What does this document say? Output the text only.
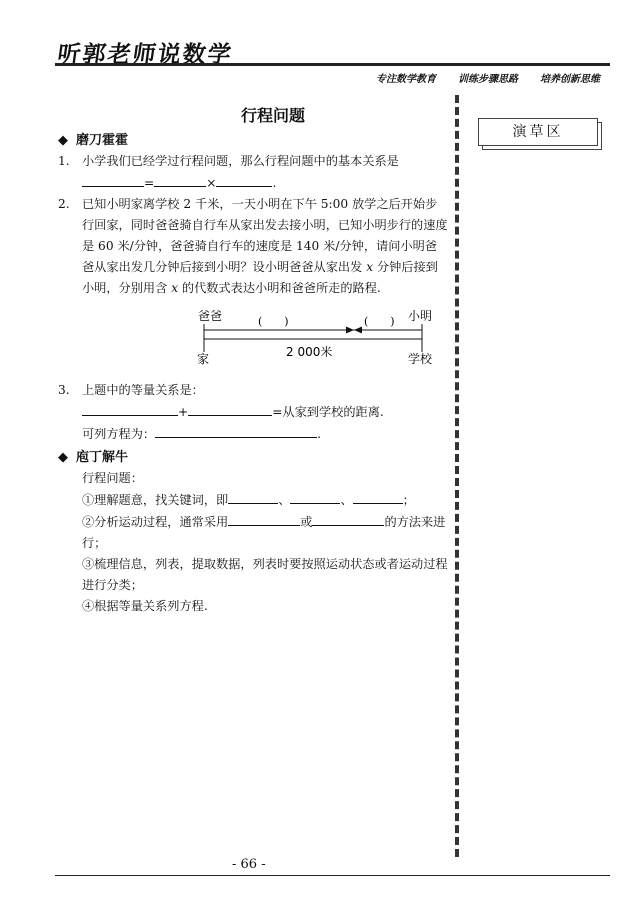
听郭老师说数学
专注数学教育 训练步骤思路 培养创新思维
演草区
行程问题
◆ 磨刀霍霍
1.	小学我们已经学过行程问题，那么行程问题中的基本关系是
=	×	.
2.	已知小明家离学校 2 千米，一天小明在下午 5:00 放学之后开始步行回家，同时爸爸骑自行车从家出发去接小明，已知小明步行的速度是 60 米/分钟，爸爸骑自行车的速度是 140 米/分钟，请问小明爸爸从家出发几分钟后接到小明？设小明爸爸从家出发 x 分钟后接到小明，分别用含 x 的代数式表达小明和爸爸所走的路程.
爸爸	小明
(　　)	(　　)
家	2 000米	学校
3.	上题中的等量关系是：
+	=从家到学校的距离.
可列方程为：	.
◆ 庖丁解牛
行程问题：
①理解题意，找关键词，即	、	、	；
②分析运动过程，通常采用	或	的方法来进行；
③梳理信息，列表，提取数据，列表时要按照运动状态或者运动过程进行分类；
④根据等量关系列方程.
- 66 -
